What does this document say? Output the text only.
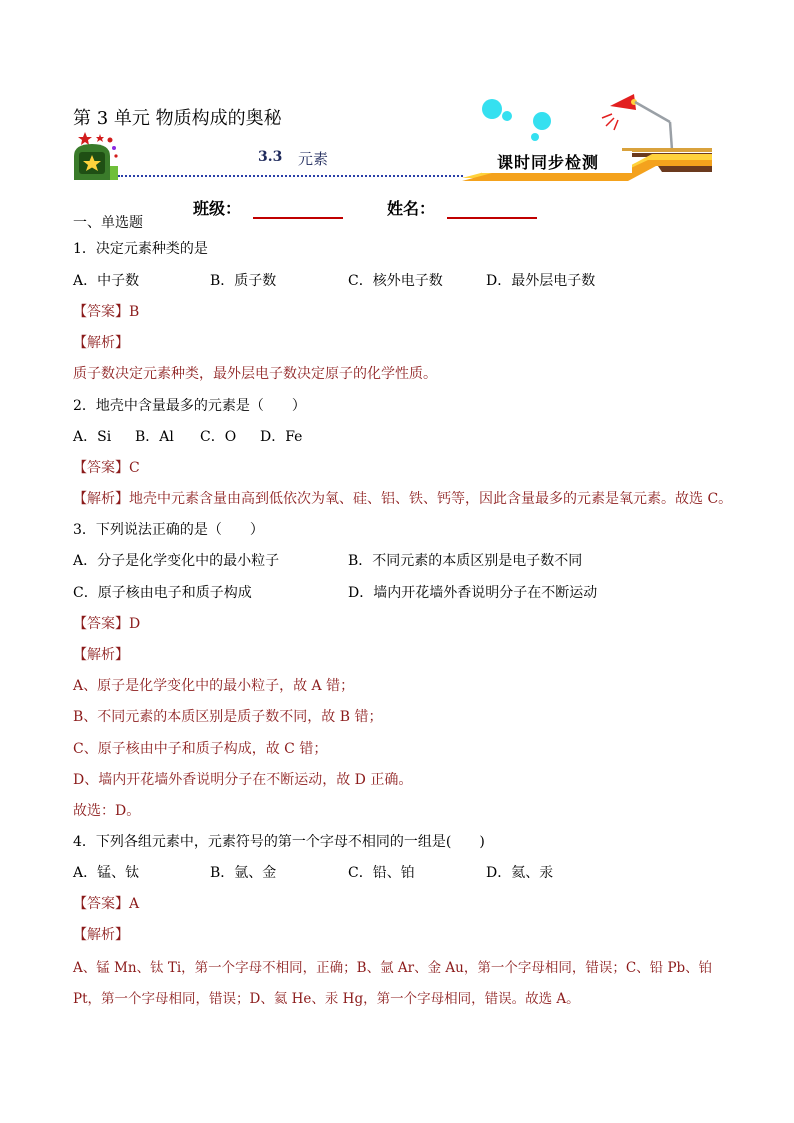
第 3 单元 物质构成的奥秘
3.3 元素	课时同步检测
班级：	姓名：
一、单选题
1．决定元素种类的是
A．中子数	B．质子数	C．核外电子数	D．最外层电子数
【答案】B
【解析】
质子数决定元素种类，最外层电子数决定原子的化学性质。
2．地壳中含量最多的元素是（　　）
A．Si B．Al C．O D．Fe
【答案】C
【解析】地壳中元素含量由高到低依次为氧、硅、铝、铁、钙等，因此含量最多的元素是氧元素。故选 C。
3．下列说法正确的是（　　）
A．分子是化学变化中的最小粒子	B．不同元素的本质区别是电子数不同
C．原子核由电子和质子构成	D．墙内开花墙外香说明分子在不断运动
【答案】D
【解析】
A、原子是化学变化中的最小粒子，故 A 错；
B、不同元素的本质区别是质子数不同，故 B 错；
C、原子核由中子和质子构成，故 C 错；
D、墙内开花墙外香说明分子在不断运动，故 D 正确。
故选：D。
4．下列各组元素中，元素符号的第一个字母不相同的一组是(　　)
A．锰、钛	B．氩、金	C．铅、铂	D．氦、汞
【答案】A
【解析】
A、锰 Mn、钛 Ti，第一个字母不相同，正确；B、氩 Ar、金 Au，第一个字母相同，错误；C、铅 Pb、铂
Pt，第一个字母相同，错误；D、氦 He、汞 Hg，第一个字母相同，错误。故选 A。
